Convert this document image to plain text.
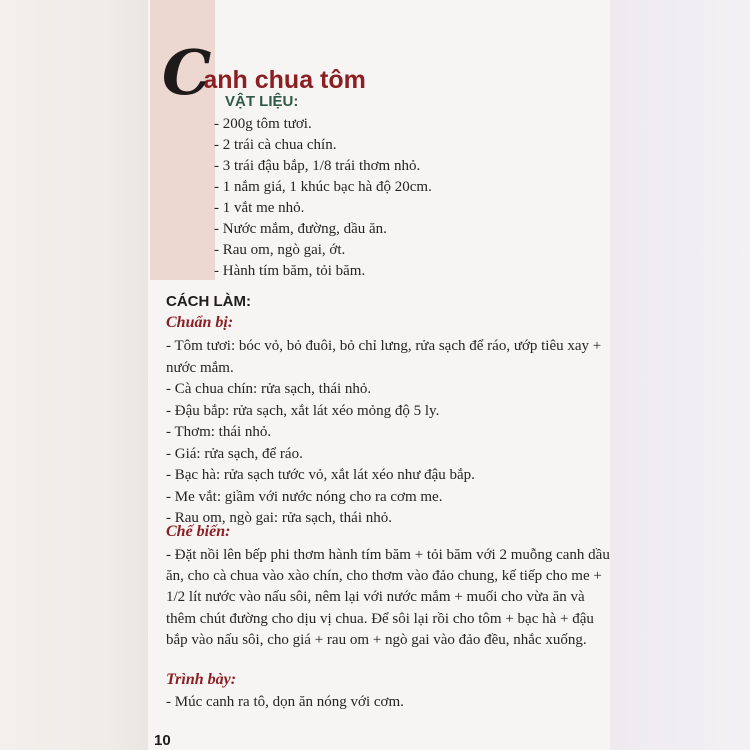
Canh chua tôm
VẬT LIỆU:
- 200g tôm tươi.
- 2 trái cà chua chín.
- 3 trái đậu bắp, 1/8 trái thơm nhỏ.
- 1 nắm giá, 1 khúc bạc hà độ 20cm.
- 1 vắt me nhỏ.
- Nước mắm, đường, dầu ăn.
- Rau om, ngò gai, ớt.
- Hành tím băm, tỏi băm.
CÁCH LÀM:
Chuẩn bị:
- Tôm tươi: bóc vỏ, bỏ đuôi, bỏ chỉ lưng, rửa sạch để ráo, ướp tiêu xay + nước mắm.
- Cà chua chín: rửa sạch, thái nhỏ.
- Đậu bắp: rửa sạch, xắt lát xéo mỏng độ 5 ly.
- Thơm: thái nhỏ.
- Giá: rửa sạch, để ráo.
- Bạc hà: rửa sạch tước vỏ, xắt lát xéo như đậu bắp.
- Me vắt: giầm với nước nóng cho ra cơm me.
- Rau om, ngò gai: rửa sạch, thái nhỏ.
Chế biến:

- Đặt nồi lên bếp phi thơm hành tím băm + tỏi băm với 2 muỗng canh dầu ăn, cho cà chua vào xào chín, cho thơm vào đảo chung, kế tiếp cho me + 1/2 lít nước vào nấu sôi, nêm lại với nước mắm + muối cho vừa ăn và thêm chút đường cho dịu vị chua. Để sôi lại rồi cho tôm + bạc hà + đậu bắp vào nấu sôi, cho giá + rau om + ngò gai vào đảo đều, nhắc xuống.

Trình bày:

- Múc canh ra tô, dọn ăn nóng với cơm.

10
